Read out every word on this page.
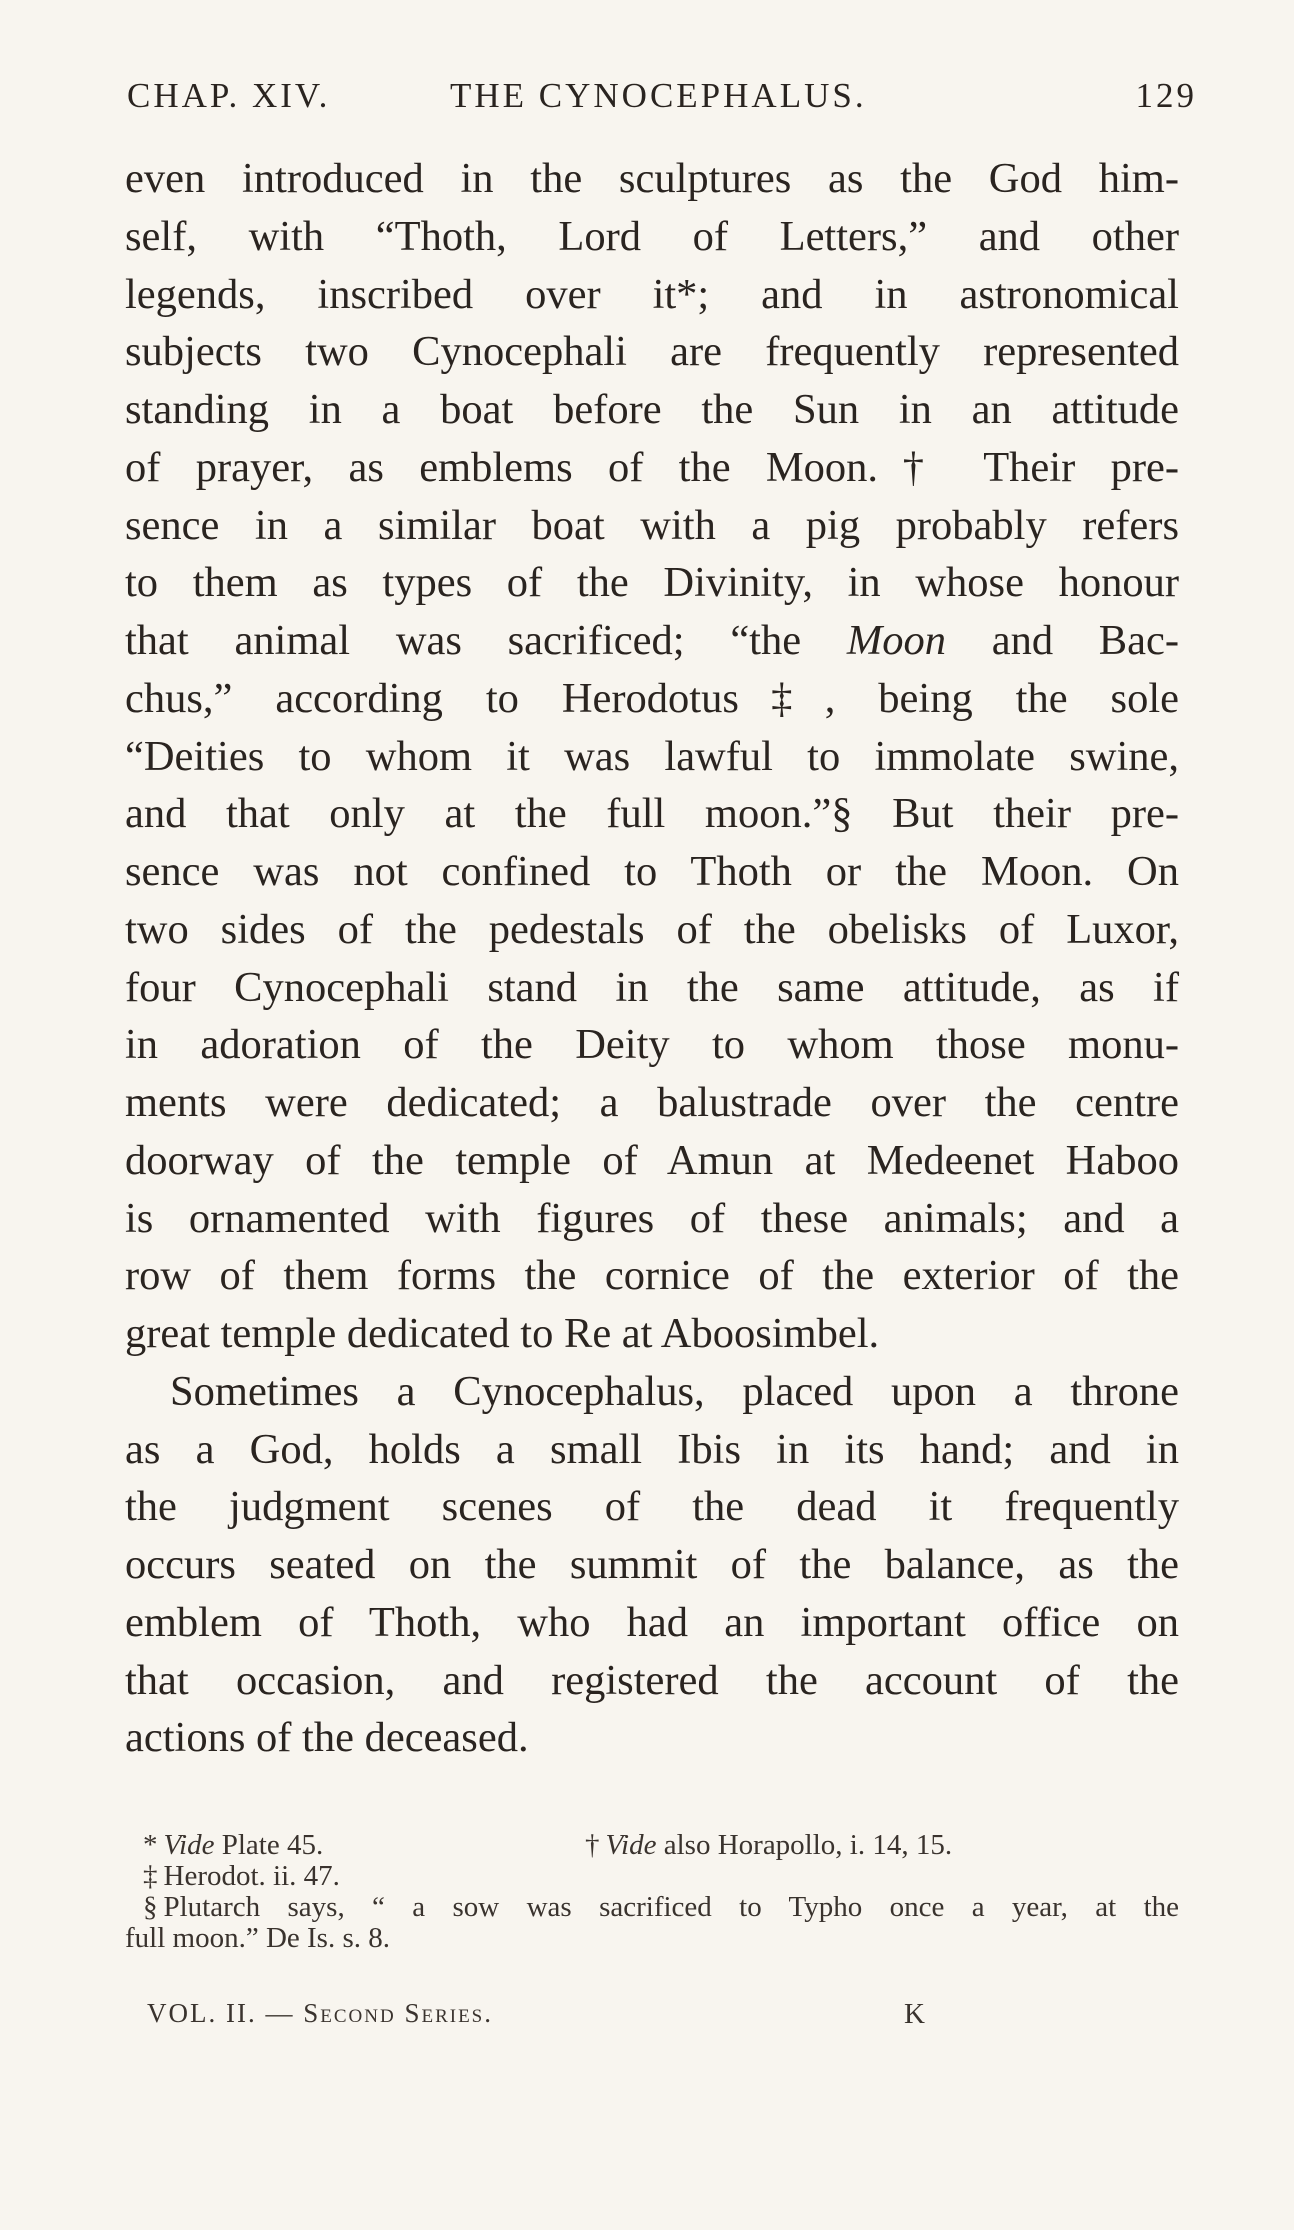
CHAP. XIV.	THE CYNOCEPHALUS.	129
even introduced in the sculptures as the God him-
self, with “Thoth, Lord of Letters,” and other
legends, inscribed over it*; and in astronomical
subjects two Cynocephali are frequently represented
standing in a boat before the Sun in an attitude
of prayer, as emblems of the Moon.† Their pre-
sence in a similar boat with a pig probably refers
to them as types of the Divinity, in whose honour
that animal was sacrificed; “the Moon and Bac-
chus,” according to Herodotus‡, being the sole
“Deities to whom it was lawful to immolate swine,
and that only at the full moon.”§ But their pre-
sence was not confined to Thoth or the Moon. On
two sides of the pedestals of the obelisks of Luxor,
four Cynocephali stand in the same attitude, as if
in adoration of the Deity to whom those monu-
ments were dedicated; a balustrade over the centre
doorway of the temple of Amun at Medeenet Haboo
is ornamented with figures of these animals; and a
row of them forms the cornice of the exterior of the
great temple dedicated to Re at Aboosimbel.
Sometimes a Cynocephalus, placed upon a throne
as a God, holds a small Ibis in its hand; and in
the judgment scenes of the dead it frequently
occurs seated on the summit of the balance, as the
emblem of Thoth, who had an important office on
that occasion, and registered the account of the
actions of the deceased.
* Vide Plate 45.	† Vide also Horapollo, i. 14, 15.
‡ Herodot. ii. 47.
§ Plutarch says, “ a sow was sacrificed to Typho once a year, at the
full moon.” De Is. s. 8.
VOL. II. — Second Series.	K
